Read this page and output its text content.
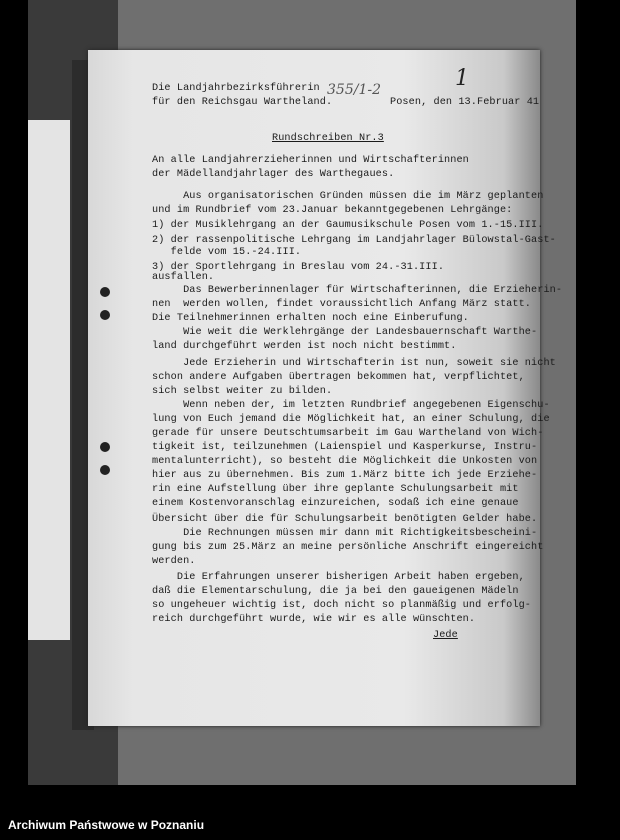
Die Landjahrbezirksführerin
für den Reichsgau Wartheland.	Posen, den 13.Februar 41
355/1-2	1
Rundschreiben Nr.3
An alle Landjahrerzieherinnen und Wirtschafterinnen
der Mädellandjahrlager des Warthegaues.
Aus organisatorischen Gründen müssen die im März geplanten
und im Rundbrief vom 23.Januar bekanntgegebenen Lehrgänge:
1) der Musiklehrgang an der Gaumusikschule Posen vom 1.-15.III.
2) der rassenpolitische Lehrgang im Landjahrlager Bülowstal-Gast-
felde vom 15.-24.III.
3) der Sportlehrgang in Breslau vom 24.-31.III.
ausfallen.
Das Bewerberinnenlager für Wirtschafterinnen, die Erzieherin-
nen  werden wollen, findet voraussichtlich Anfang März statt.
Die Teilnehmerinnen erhalten noch eine Einberufung.
Wie weit die Werklehrgänge der Landesbauernschaft Warthe-
land durchgeführt werden ist noch nicht bestimmt.
Jede Erzieherin und Wirtschafterin ist nun, soweit sie nicht
schon andere Aufgaben übertragen bekommen hat, verpflichtet,
sich selbst weiter zu bilden.
Wenn neben der, im letzten Rundbrief angegebenen Eigenschu-
lung von Euch jemand die Möglichkeit hat, an einer Schulung, die
gerade für unsere Deutschtumsarbeit im Gau Wartheland von Wich-
tigkeit ist, teilzunehmen (Laienspiel und Kasperkurse, Instru-
mentalunterricht), so besteht die Möglichkeit die Unkosten von
hier aus zu übernehmen. Bis zum 1.März bitte ich jede Erziehe-
rin eine Aufstellung über ihre geplante Schulungsarbeit mit
einem Kostenvoranschlag einzureichen, sodaß ich eine genaue
Übersicht über die für Schulungsarbeit benötigten Gelder habe.
Die Rechnungen müssen mir dann mit Richtigkeitsbescheini-
gung bis zum 25.März an meine persönliche Anschrift eingereicht
werden.
Die Erfahrungen unserer bisherigen Arbeit haben ergeben,
daß die Elementarschulung, die ja bei den gaueigenen Mädeln
so ungeheuer wichtig ist, doch nicht so planmäßig und erfolg-
reich durchgeführt wurde, wie wir es alle wünschten.
Jede
Archiwum Państwowe w Poznaniu
